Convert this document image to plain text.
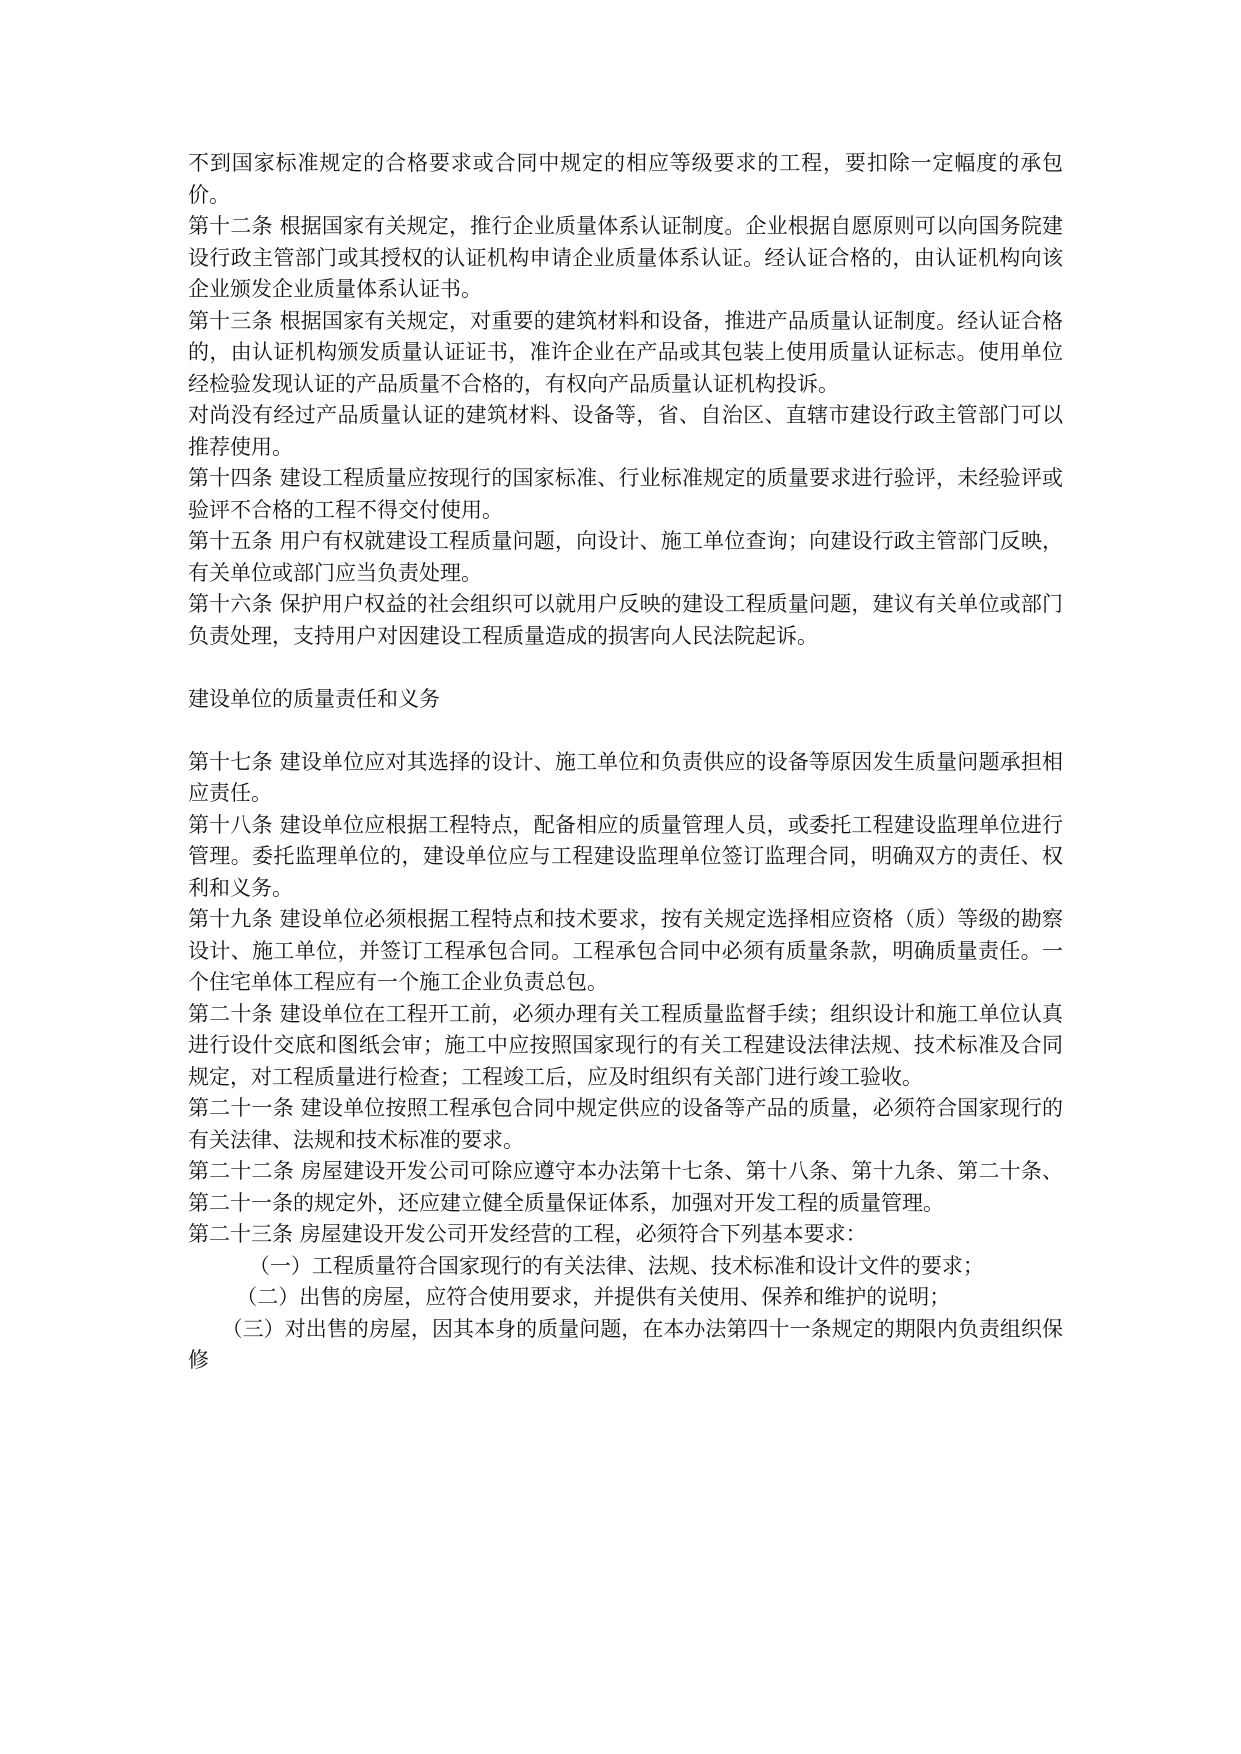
不到国家标准规定的合格要求或合同中规定的相应等级要求的工程，要扣除一定幅度的承包价。

第十二条 根据国家有关规定，推行企业质量体系认证制度。企业根据自愿原则可以向国务院建设行政主管部门或其授权的认证机构申请企业质量体系认证。经认证合格的，由认证机构向该企业颁发企业质量体系认证书。

第十三条 根据国家有关规定，对重要的建筑材料和设备，推进产品质量认证制度。经认证合格的，由认证机构颁发质量认证证书，准许企业在产品或其包装上使用质量认证标志。使用单位经检验发现认证的产品质量不合格的，有权向产品质量认证机构投诉。

对尚没有经过产品质量认证的建筑材料、设备等，省、自治区、直辖市建设行政主管部门可以推荐使用。

第十四条 建设工程质量应按现行的国家标准、行业标准规定的质量要求进行验评，未经验评或验评不合格的工程不得交付使用。

第十五条 用户有权就建设工程质量问题，向设计、施工单位查询；向建设行政主管部门反映，有关单位或部门应当负责处理。

第十六条 保护用户权益的社会组织可以就用户反映的建设工程质量问题，建议有关单位或部门负责处理，支持用户对因建设工程质量造成的损害向人民法院起诉。

建设单位的质量责任和义务

第十七条 建设单位应对其选择的设计、施工单位和负责供应的设备等原因发生质量问题承担相应责任。

第十八条 建设单位应根据工程特点，配备相应的质量管理人员，或委托工程建设监理单位进行管理。委托监理单位的，建设单位应与工程建设监理单位签订监理合同，明确双方的责任、权利和义务。

第十九条 建设单位必须根据工程特点和技术要求，按有关规定选择相应资格（质）等级的勘察设计、施工单位，并签订工程承包合同。工程承包合同中必须有质量条款，明确质量责任。一个住宅单体工程应有一个施工企业负责总包。

第二十条 建设单位在工程开工前，必须办理有关工程质量监督手续；组织设计和施工单位认真进行设什交底和图纸会审；施工中应按照国家现行的有关工程建设法律法规、技术标准及合同规定，对工程质量进行检查；工程竣工后，应及时组织有关部门进行竣工验收。

第二十一条 建设单位按照工程承包合同中规定供应的设备等产品的质量，必须符合国家现行的有关法律、法规和技术标准的要求。

第二十二条 房屋建设开发公司可除应遵守本办法第十七条、第十八条、第十九条、第二十条、第二十一条的规定外，还应建立健全质量保证体系，加强对开发工程的质量管理。

第二十三条 房屋建设开发公司开发经营的工程，必须符合下列基本要求：

（一）工程质量符合国家现行的有关法律、法规、技术标准和设计文件的要求；

（二）出售的房屋，应符合使用要求，并提供有关使用、保养和维护的说明；

（三）对出售的房屋，因其本身的质量问题，在本办法第四十一条规定的期限内负责组织保修
